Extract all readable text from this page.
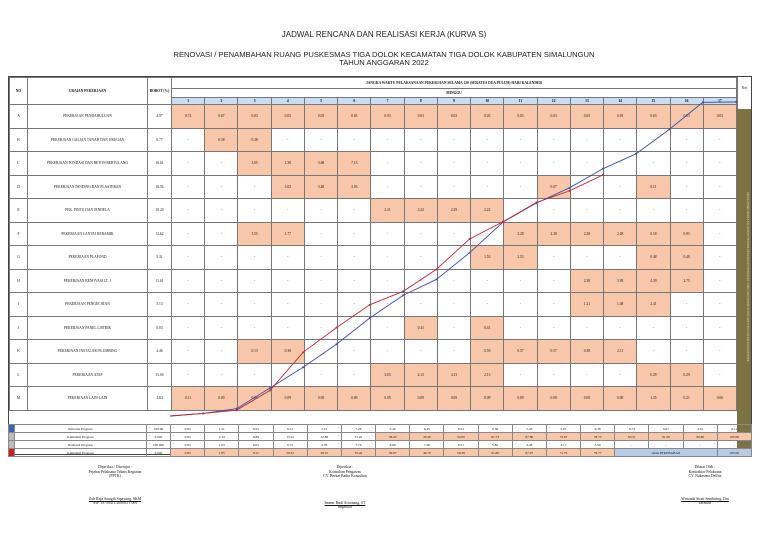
JADWAL RENCANA DAN REALISASI KERJA (KURVA S)
RENOVASI / PENAMBAHAN RUANG PUSKESMAS TIGA DOLOK KECAMATAN TIGA DOLOK KABUPATEN SIMALUNGUN
TAHUN ANGGARAN 2022
NO	URAIAN PEKERJAAN	BOBOT (%)	JANGKA WAKTU PELAKSANAAN PEKERJAAN SELAMA 120 (SERATUS DUA PULUH) HARI KALENDER																
			MINGGU																
			1	2	3	4	5	6	7	8	9	10	11	12	13	14	15	16	17
A	PEKERJAAN PENDAHULUAN	4.97	0.72	0.07	0.03	0.03	0.03	0.03	0.03	0.03	0.03	0.03	0.03	0.03	0.03	0.03	0.03	0.03	0.03
B	PEKERJAAN GALIAN TANAH DAN URUGAN	0.77	-	0.38	0.38	-	-	-	-	-	-	-	-	-	-	-	-	-	-
C	PEKERJAAN PONDASI DAN BETON BERTULANG	16.61	-	-	3.05	1.38	3.68	7.13	-	-	-	-	-	-	-	-	-	-	-
D	PEKERJAAN DINDING DAN PLASTERAN	10.56	-	-	-	3.03	3.48	3.03	-	-	-	-	-	0.07	-	-	0.11	-	-
E	PEK. PINTU DAN JENDELA	10.20	-	-	-	-	-	-	2.31	2.22	2.29	2.22	-	-	-	-	-	-	-
F	PEKERJAAN LANTAI KERAMIK	12.62	-	-	3.55	1.77	-	-	-	-	-	-	2.28	2.28	2.28	2.28	0.18	0.95	-
G	PEKERJAAN PLAFOND	5.31	-	-	-	-	-	-	-	-	-	1.53	2.53	-	-	-	0.48	0.48	-
H	PEKERJAAN RENOVASI LT. 1	11.61	-	-	-	-	-	-	-	-	-	-	-	-	2.38	3.93	4.39	2.75	-
I	PEKERJAAN PENGECATAN	5.13	-	-	-	-	-	-	-	-	-	-	-	-	1.21	1.48	2.41	-	-
J	PEKERJAAN PANEL LISTRIK	0.83	-	-	-	-	-	-	-	0.41	-	0.41	-	-	-	-	-	-	-
K	PEKERJAAN INSTALASI PLUMBING	4.46	-	-	0.13	0.38	-	-	-	-	-	0.59	0.57	0.57	0.38	2.11	-	-	-
L	PEKERJAAN ATAP	13.00	-	-	-	-	-	-	3.03	4.13	4.13	2.13	-	-	-	-	0.29	0.29	-
M	PEKERJAAN LAIN-LAIN	2.84	0.11	0.09	0.09	0.09	0.09	0.09	0.09	0.09	0.09	0.09	0.09	0.09	0.09	0.09	1.35	0.21	0.06
Ket
MASA PEMELIHARAAN (SERAH TERIMA PEKERJAAN PERTAMA / PHO) 180 (SERATUS DELAPAN PULUH) HARI KALENDER
	Rencana Progress	100.00	0.83	1.51	6.55	6.51	7.15	7.28	5.46	6.45	6.52	6.56	5.43	5.07	6.38	6.73	9.07	4.61	0.11
	Kumulatif Progress	0.000	0.83	2.34	8.89	15.52	22.86	31.22	38.43	43.49	52.00	61.73	67.80	72.67	78.73	83.51	91.29	99.89	100.00
	Realisasi Progress	100.000	0.83	1.03	6.05	6.75	6.76	7.76	6.69	7.28	6.51	5.82	4.48	3.17	5.99	-	-	-	-
	Kumulatif Progress	0.000	0.83	1.85	8.11	20.32	28.15	35.42	39.67	46.70	56.39	61.86	67.97	71.70	76.77	ADA PERUBAHAN			100.00
Diperiksa / Disetujui :
Pejabat Pelaksana Teknis Kegiatan
(PPTK)
Zuli Raja Saragih Sipayung, SKM
NIP. 19750411 200003 1 009
Diperiksa :
Konsultan Pengawas
CV. Berkat Batho Konsultan
Immer Rudi Aritonang, ST
Inspektor
Dibuat Oleh :
Kontraktor Pelaksana
CV. Nakasena Delfita
Wirianda Sirait Sembiring, Dra
Direktur
